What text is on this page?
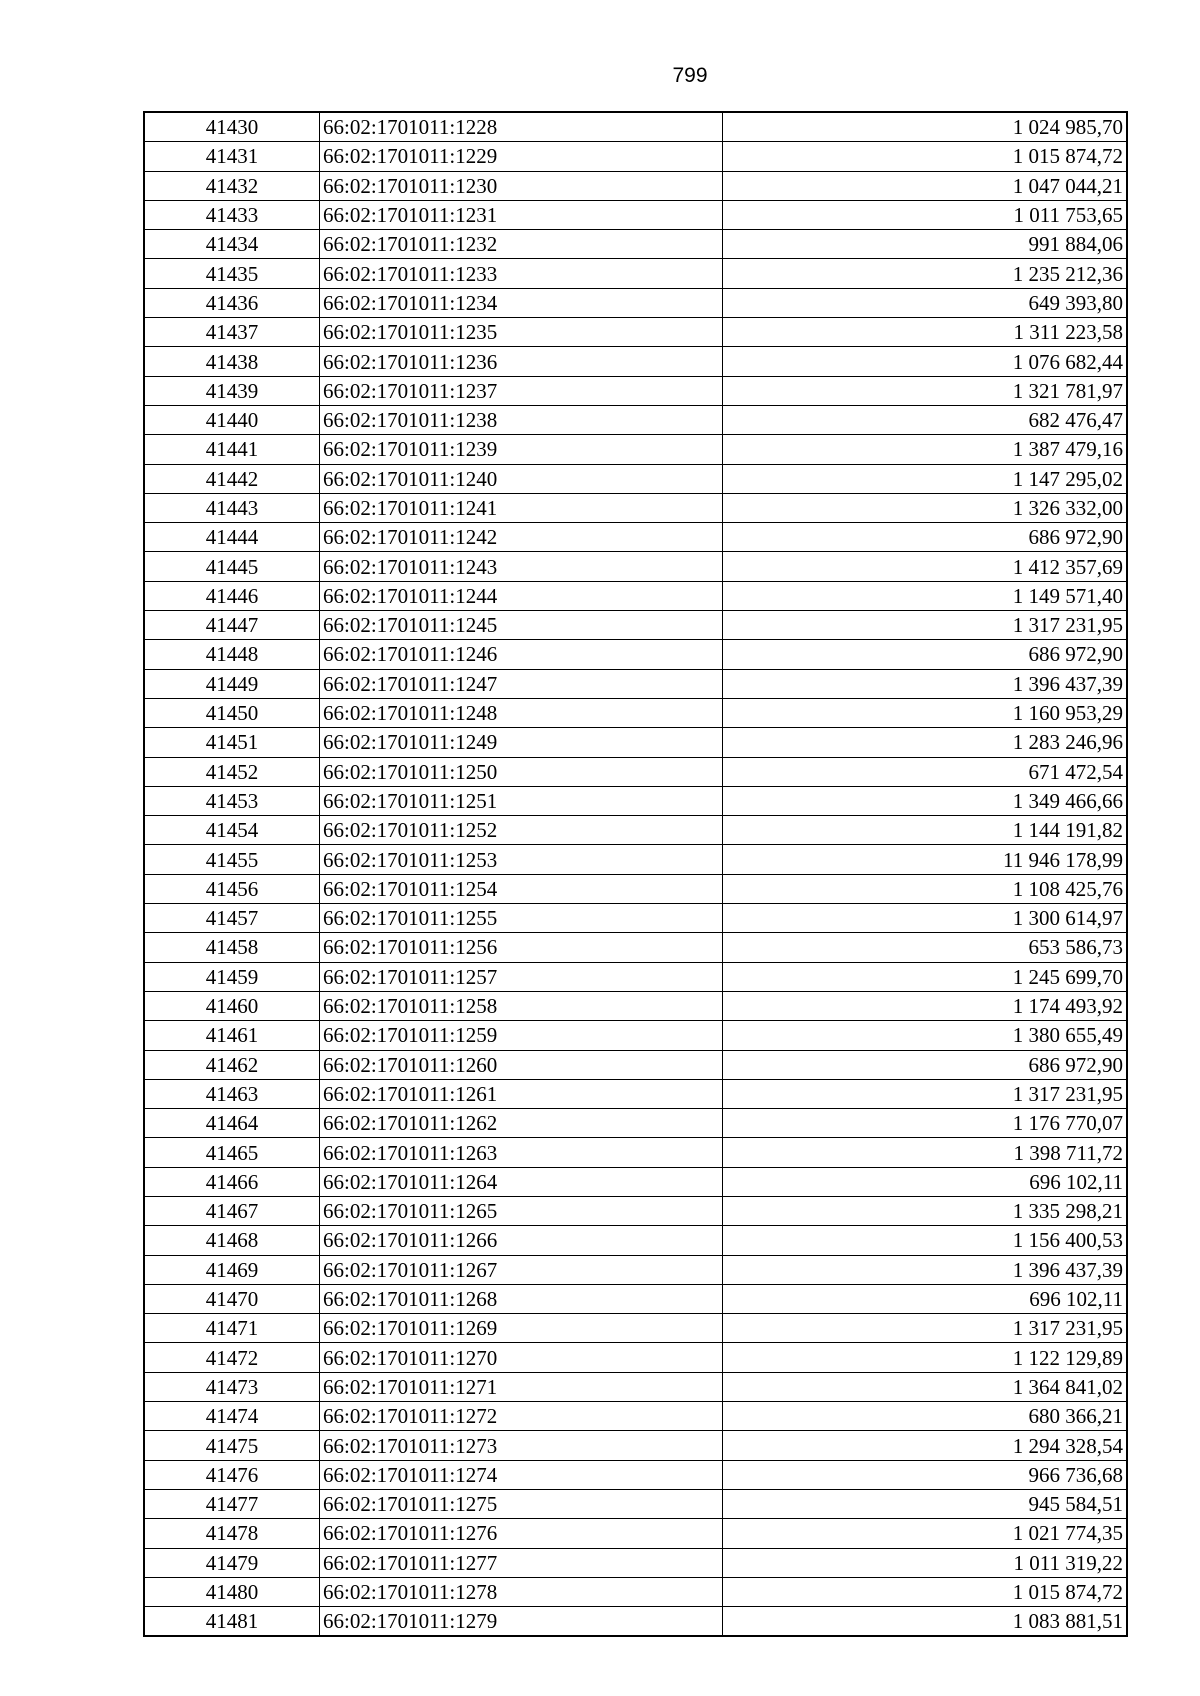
799
41430	66:02:1701011:1228	1 024 985,70
41431	66:02:1701011:1229	1 015 874,72
41432	66:02:1701011:1230	1 047 044,21
41433	66:02:1701011:1231	1 011 753,65
41434	66:02:1701011:1232	991 884,06
41435	66:02:1701011:1233	1 235 212,36
41436	66:02:1701011:1234	649 393,80
41437	66:02:1701011:1235	1 311 223,58
41438	66:02:1701011:1236	1 076 682,44
41439	66:02:1701011:1237	1 321 781,97
41440	66:02:1701011:1238	682 476,47
41441	66:02:1701011:1239	1 387 479,16
41442	66:02:1701011:1240	1 147 295,02
41443	66:02:1701011:1241	1 326 332,00
41444	66:02:1701011:1242	686 972,90
41445	66:02:1701011:1243	1 412 357,69
41446	66:02:1701011:1244	1 149 571,40
41447	66:02:1701011:1245	1 317 231,95
41448	66:02:1701011:1246	686 972,90
41449	66:02:1701011:1247	1 396 437,39
41450	66:02:1701011:1248	1 160 953,29
41451	66:02:1701011:1249	1 283 246,96
41452	66:02:1701011:1250	671 472,54
41453	66:02:1701011:1251	1 349 466,66
41454	66:02:1701011:1252	1 144 191,82
41455	66:02:1701011:1253	11 946 178,99
41456	66:02:1701011:1254	1 108 425,76
41457	66:02:1701011:1255	1 300 614,97
41458	66:02:1701011:1256	653 586,73
41459	66:02:1701011:1257	1 245 699,70
41460	66:02:1701011:1258	1 174 493,92
41461	66:02:1701011:1259	1 380 655,49
41462	66:02:1701011:1260	686 972,90
41463	66:02:1701011:1261	1 317 231,95
41464	66:02:1701011:1262	1 176 770,07
41465	66:02:1701011:1263	1 398 711,72
41466	66:02:1701011:1264	696 102,11
41467	66:02:1701011:1265	1 335 298,21
41468	66:02:1701011:1266	1 156 400,53
41469	66:02:1701011:1267	1 396 437,39
41470	66:02:1701011:1268	696 102,11
41471	66:02:1701011:1269	1 317 231,95
41472	66:02:1701011:1270	1 122 129,89
41473	66:02:1701011:1271	1 364 841,02
41474	66:02:1701011:1272	680 366,21
41475	66:02:1701011:1273	1 294 328,54
41476	66:02:1701011:1274	966 736,68
41477	66:02:1701011:1275	945 584,51
41478	66:02:1701011:1276	1 021 774,35
41479	66:02:1701011:1277	1 011 319,22
41480	66:02:1701011:1278	1 015 874,72
41481	66:02:1701011:1279	1 083 881,51
